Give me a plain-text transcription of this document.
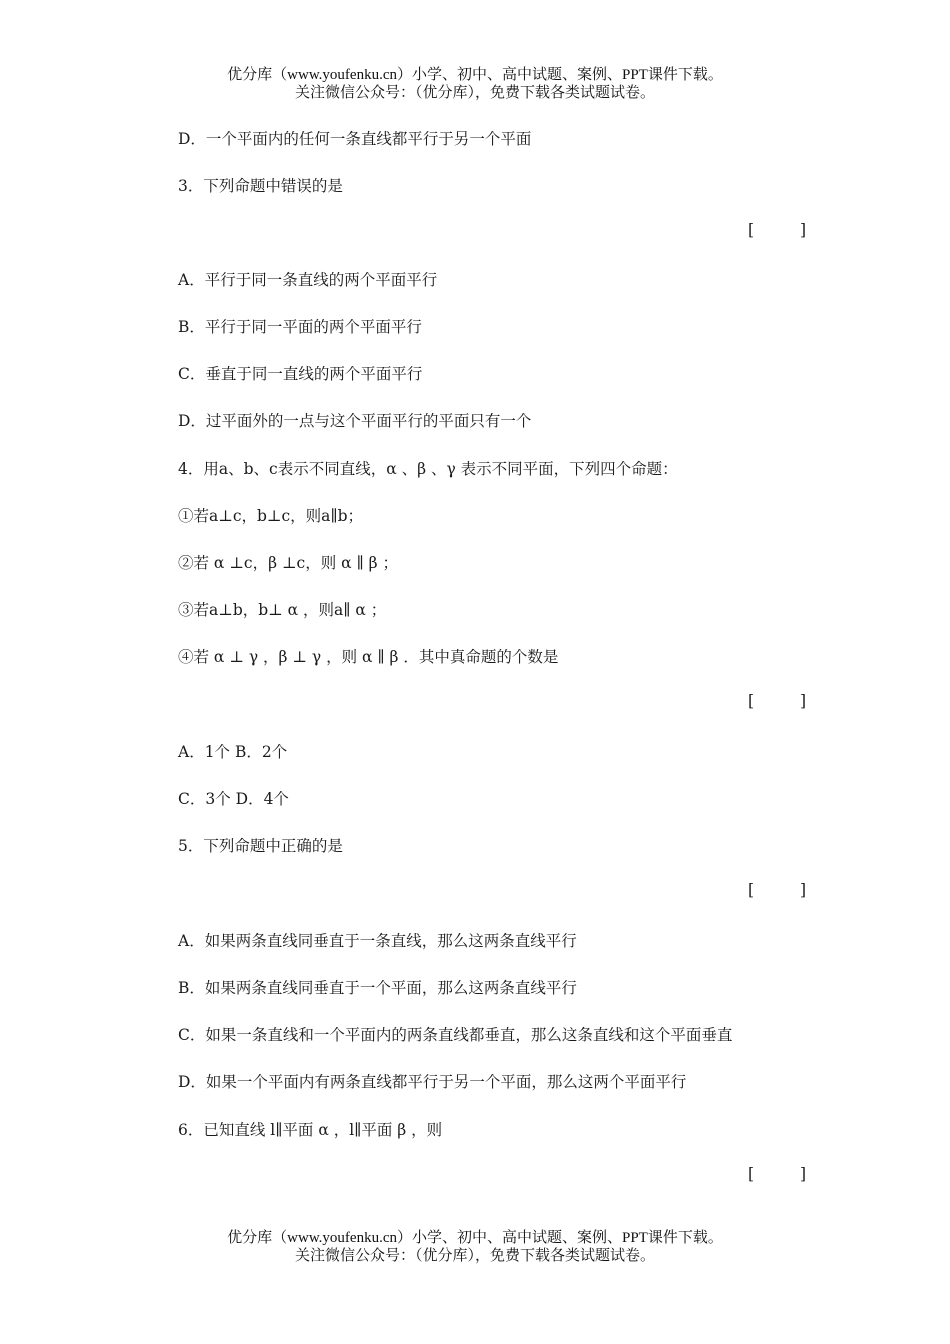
优分库（www.youfenku.cn）小学、初中、高中试题、案例、PPT课件下载。
关注微信公众号：（优分库），免费下载各类试题试卷。
D．一个平面内的任何一条直线都平行于另一个平面
3．下列命题中错误的是
[	]
A．平行于同一条直线的两个平面平行
B．平行于同一平面的两个平面平行
C．垂直于同一直线的两个平面平行
D．过平面外的一点与这个平面平行的平面只有一个
4．用a、b、c表示不同直线，α 、β 、γ 表示不同平面，下列四个命题：
①若a⊥c，b⊥c，则a∥b；
②若 α ⊥c，β ⊥c，则 α ∥ β ；
③若a⊥b，b⊥ α ，则a∥ α ；
④若 α ⊥ γ ，β ⊥ γ ，则 α ∥ β ．其中真命题的个数是
[	]
A．1个 B．2个
C．3个 D．4个
5．下列命题中正确的是
[	]
A．如果两条直线同垂直于一条直线，那么这两条直线平行
B．如果两条直线同垂直于一个平面，那么这两条直线平行
C．如果一条直线和一个平面内的两条直线都垂直，那么这条直线和这个平面垂直
D．如果一个平面内有两条直线都平行于另一个平面，那么这两个平面平行
6．已知直线 l∥平面 α ，l∥平面 β ，则
[	]
优分库（www.youfenku.cn）小学、初中、高中试题、案例、PPT课件下载。
关注微信公众号：（优分库），免费下载各类试题试卷。
